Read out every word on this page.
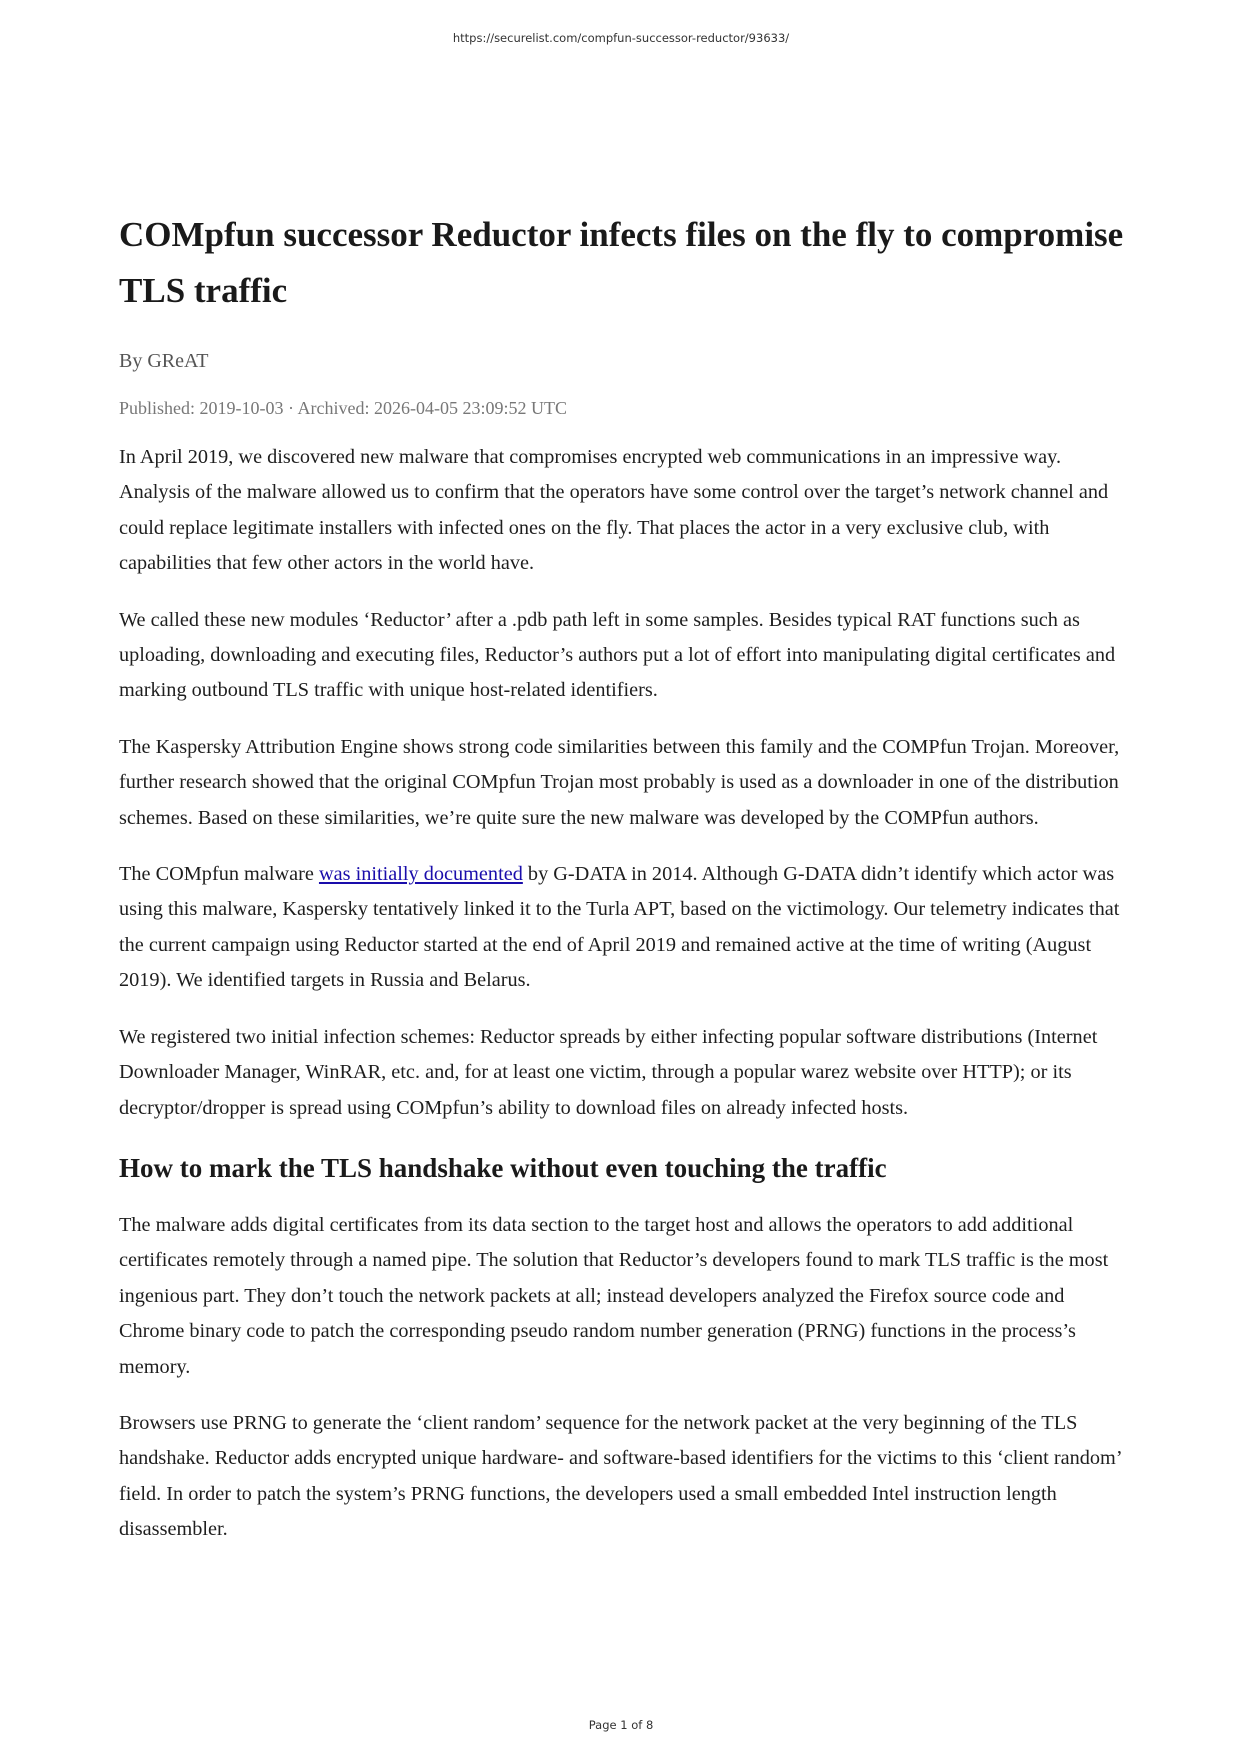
https://securelist.com/compfun-successor-reductor/93633/
COMpfun successor Reductor infects files on the fly to compromise TLS traffic
By GReAT
Published: 2019-10-03 · Archived: 2026-04-05 23:09:52 UTC

In April 2019, we discovered new malware that compromises encrypted web communications in an impressive way. Analysis of the malware allowed us to confirm that the operators have some control over the target’s network channel and could replace legitimate installers with infected ones on the fly. That places the actor in a very exclusive club, with capabilities that few other actors in the world have.

We called these new modules ‘Reductor’ after a .pdb path left in some samples. Besides typical RAT functions such as uploading, downloading and executing files, Reductor’s authors put a lot of effort into manipulating digital certificates and marking outbound TLS traffic with unique host-related identifiers.

The Kaspersky Attribution Engine shows strong code similarities between this family and the COMPfun Trojan. Moreover, further research showed that the original COMpfun Trojan most probably is used as a downloader in one of the distribution schemes. Based on these similarities, we’re quite sure the new malware was developed by the COMPfun authors.

The COMpfun malware was initially documented by G-DATA in 2014. Although G-DATA didn’t identify which actor was using this malware, Kaspersky tentatively linked it to the Turla APT, based on the victimology. Our telemetry indicates that the current campaign using Reductor started at the end of April 2019 and remained active at the time of writing (August 2019). We identified targets in Russia and Belarus.

We registered two initial infection schemes: Reductor spreads by either infecting popular software distributions (Internet Downloader Manager, WinRAR, etc. and, for at least one victim, through a popular warez website over HTTP); or its decryptor/dropper is spread using COMpfun’s ability to download files on already infected hosts.

How to mark the TLS handshake without even touching the traffic

The malware adds digital certificates from its data section to the target host and allows the operators to add additional certificates remotely through a named pipe. The solution that Reductor’s developers found to mark TLS traffic is the most ingenious part. They don’t touch the network packets at all; instead developers analyzed the Firefox source code and Chrome binary code to patch the corresponding pseudo random number generation (PRNG) functions in the process’s memory.

Browsers use PRNG to generate the ‘client random’ sequence for the network packet at the very beginning of the TLS handshake. Reductor adds encrypted unique hardware- and software-based identifiers for the victims to this ‘client random’ field. In order to patch the system’s PRNG functions, the developers used a small embedded Intel instruction length disassembler.

Page 1 of 8
